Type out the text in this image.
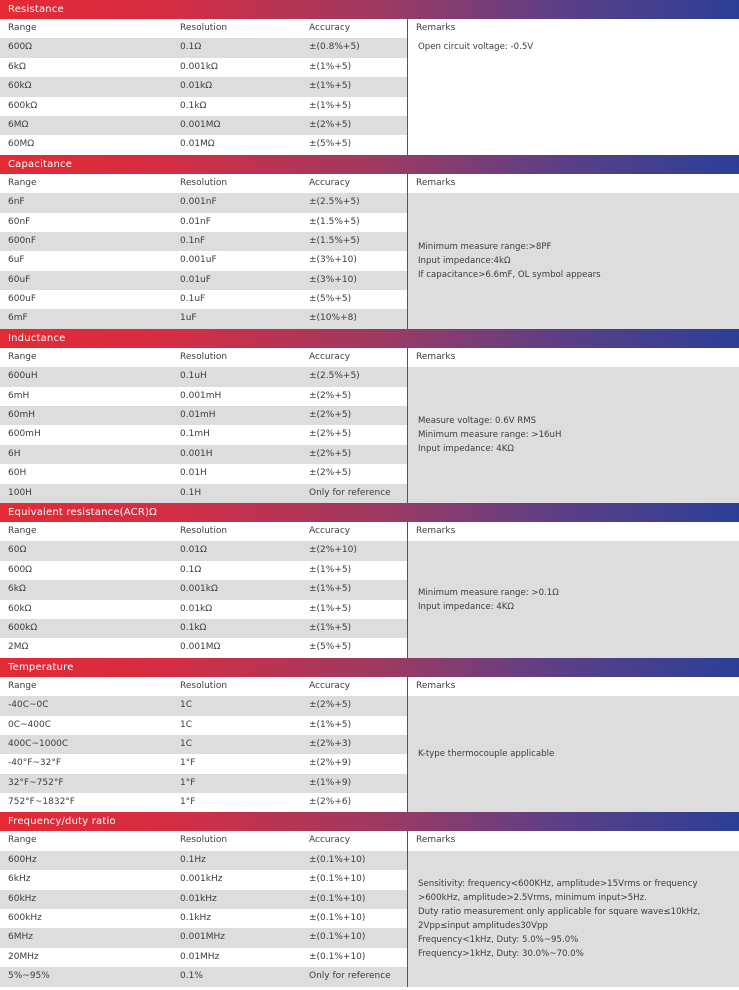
Resistance
Range	Resolution	Accuracy	Remarks
600Ω	0.1Ω	±(0.8%+5)
6kΩ	0.001kΩ	±(1%+5)
60kΩ	0.01kΩ	±(1%+5)
600kΩ	0.1kΩ	±(1%+5)
6MΩ	0.001MΩ	±(2%+5)
60MΩ	0.01MΩ	±(5%+5)
Open circuit voltage: -0.5V
Capacitance
Range	Resolution	Accuracy	Remarks
6nF	0.001nF	±(2.5%+5)
60nF	0.01nF	±(1.5%+5)
600nF	0.1nF	±(1.5%+5)
6uF	0.001uF	±(3%+10)
60uF	0.01uF	±(3%+10)
600uF	0.1uF	±(5%+5)
6mF	1uF	±(10%+8)
Minimum measure range:>8PF
Input impedance:4kΩ
If capacitance>6.6mF, OL symbol appears
Inductance
Range	Resolution	Accuracy	Remarks
600uH	0.1uH	±(2.5%+5)
6mH	0.001mH	±(2%+5)
60mH	0.01mH	±(2%+5)
600mH	0.1mH	±(2%+5)
6H	0.001H	±(2%+5)
60H	0.01H	±(2%+5)
100H	0.1H	Only for reference
Measure voltage: 0.6V RMS
Minimum measure range: >16uH
Input impedance: 4KΩ
Equivalent resistance(ACR)Ω
Range	Resolution	Accuracy	Remarks
60Ω	0.01Ω	±(2%+10)
600Ω	0.1Ω	±(1%+5)
6kΩ	0.001kΩ	±(1%+5)
60kΩ	0.01kΩ	±(1%+5)
600kΩ	0.1kΩ	±(1%+5)
2MΩ	0.001MΩ	±(5%+5)
Minimum measure range: >0.1Ω
Input impedance: 4KΩ
Temperature
Range	Resolution	Accuracy	Remarks
-40C~0C	1C	±(2%+5)
0C~400C	1C	±(1%+5)
400C~1000C	1C	±(2%+3)
-40°F~32°F	1°F	±(2%+9)
32°F~752°F	1°F	±(1%+9)
752°F~1832°F	1°F	±(2%+6)
K-type thermocouple applicable
Frequency/duty ratio
Range	Resolution	Accuracy	Remarks
600Hz	0.1Hz	±(0.1%+10)
6kHz	0.001kHz	±(0.1%+10)
60kHz	0.01kHz	±(0.1%+10)
600kHz	0.1kHz	±(0.1%+10)
6MHz	0.001MHz	±(0.1%+10)
20MHz	0.01MHz	±(0.1%+10)
5%~95%	0.1%	Only for reference
Sensitivity: frequency<600KHz, amplitude>15Vrms or frequency
>600kHz, amplitude>2.5Vrms, minimum input>5Hz.
Duty ratio measurement only applicable for square wave≤10kHz,
2Vpp≤input amplitudes30Vpp
Frequency<1kHz, Duty: 5.0%~95.0%
Frequency>1kHz, Duty: 30.0%~70.0%
